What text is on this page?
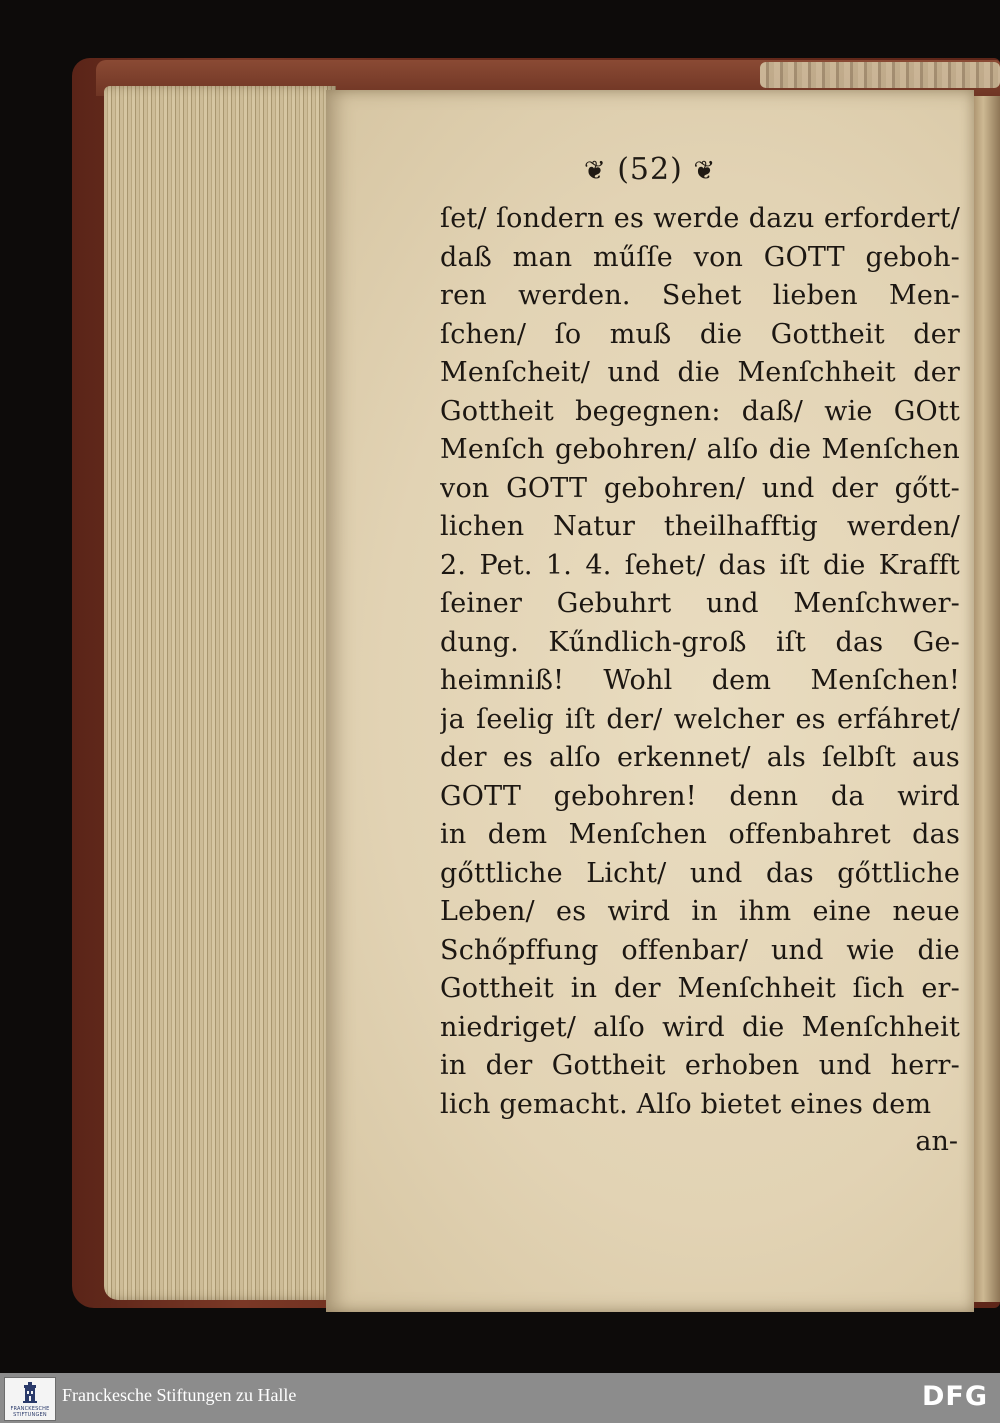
❦ (52) ❦
ſet/ ſondern es werde dazu erfordert/
daß man műſſe von GOTT geboh‑
ren werden. Sehet lieben Men‑
ſchen/ ſo muß die Gottheit der
Menſcheit/ und die Menſchheit der
Gottheit begegnen: daß/ wie GOtt
Menſch gebohren/ alſo die Menſchen
von GOTT gebohren/ und der gőtt‑
lichen Natur theilhafftig werden/
2. Pet. 1. 4. ſehet/ das iſt die Krafft
ſeiner Gebuhrt und Menſchwer‑
dung. Kűndlich‑groß iſt das Ge‑
heimniß! Wohl dem Menſchen!
ja ſeelig iſt der/ welcher es erfáhret/
der es alſo erkennet/ als ſelbſt aus
GOTT gebohren! denn da wird
in dem Menſchen offenbahret das
gőttliche Licht/ und das gőttliche
Leben/ es wird in ihm eine neue
Schőpffung offenbar/ und wie die
Gottheit in der Menſchheit ſich er‑
niedriget/ alſo wird die Menſchheit
in der Gottheit erhoben und herr‑
lich gemacht. Alſo bietet eines dem
an‑
FRANCKESCHE STIFTUNGEN
Franckesche Stiftungen zu Halle	DFG
